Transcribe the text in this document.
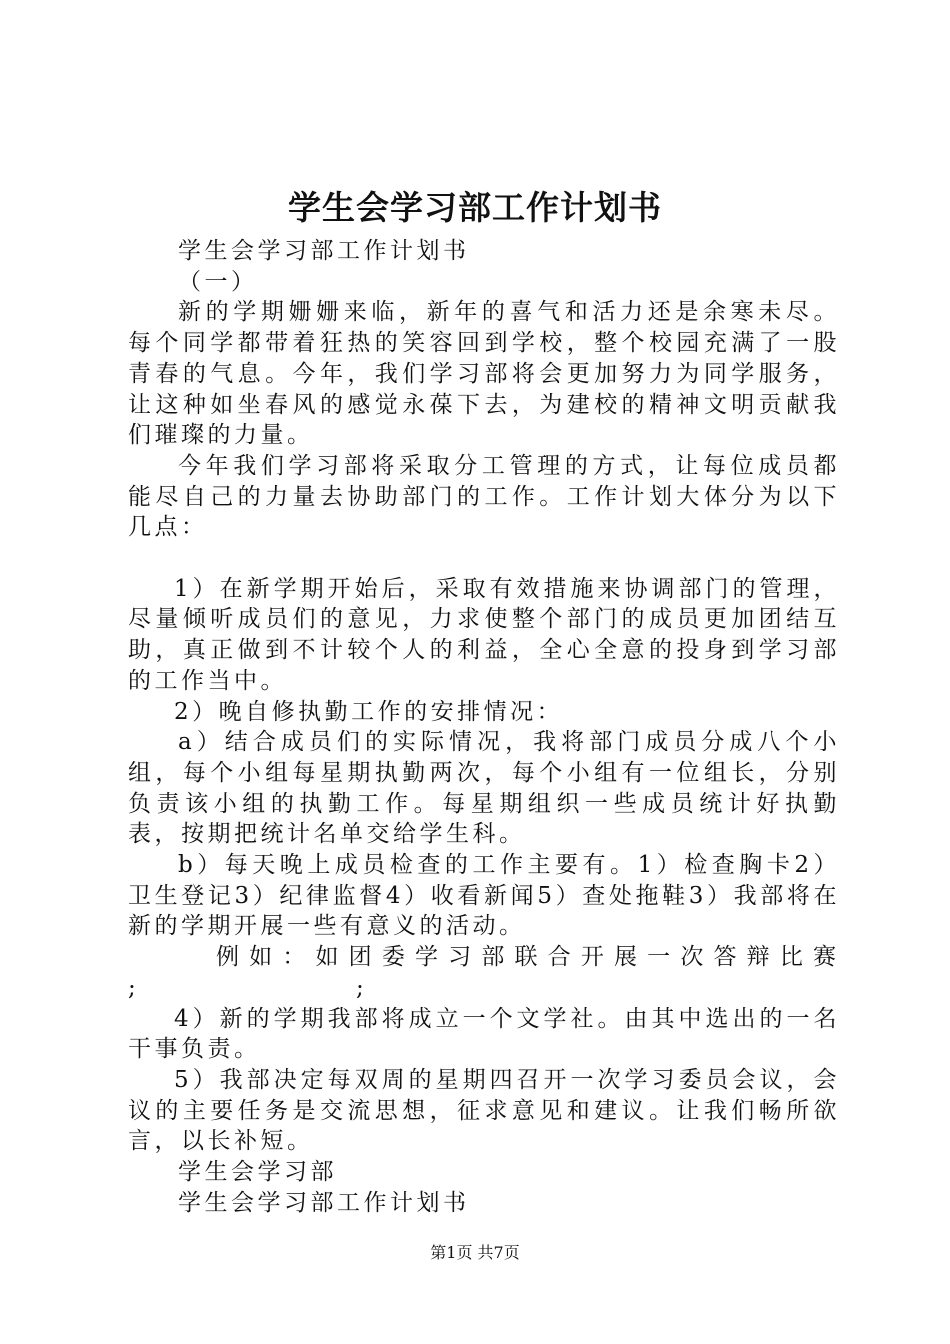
学生会学习部工作计划书

学生会学习部工作计划书

（一）

新的学期姗姗来临，新年的喜气和活力还是余寒未尽。每个同学都带着狂热的笑容回到学校，整个校园充满了一股青春的气息。今年，我们学习部将会更加努力为同学服务，让这种如坐春风的感觉永葆下去，为建校的精神文明贡献我们璀璨的力量。

今年我们学习部将采取分工管理的方式，让每位成员都能尽自己的力量去协助部门的工作。工作计划大体分为以下几点：

1）在新学期开始后，采取有效措施来协调部门的管理，尽量倾听成员们的意见，力求使整个部门的成员更加团结互助，真正做到不计较个人的利益，全心全意的投身到学习部的工作当中。

2）晚自修执勤工作的安排情况：

a）结合成员们的实际情况，我将部门成员分成八个小组，每个小组每星期执勤两次，每个小组有一位组长，分别负责该小组的执勤工作。每星期组织一些成员统计好执勤表，按期把统计名单交给学生科。

b）每天晚上成员检查的工作主要有。1）检查胸卡2）卫生登记3）纪律监督4）收看新闻5）查处拖鞋3）我部将在新的学期开展一些有意义的活动。

例如：如团委学习部联合开展一次答辩比赛

;	;

4）新的学期我部将成立一个文学社。由其中选出的一名干事负责。

5）我部决定每双周的星期四召开一次学习委员会议，会议的主要任务是交流思想，征求意见和建议。让我们畅所欲言，以长补短。

学生会学习部

学生会学习部工作计划书

第1页 共7页
